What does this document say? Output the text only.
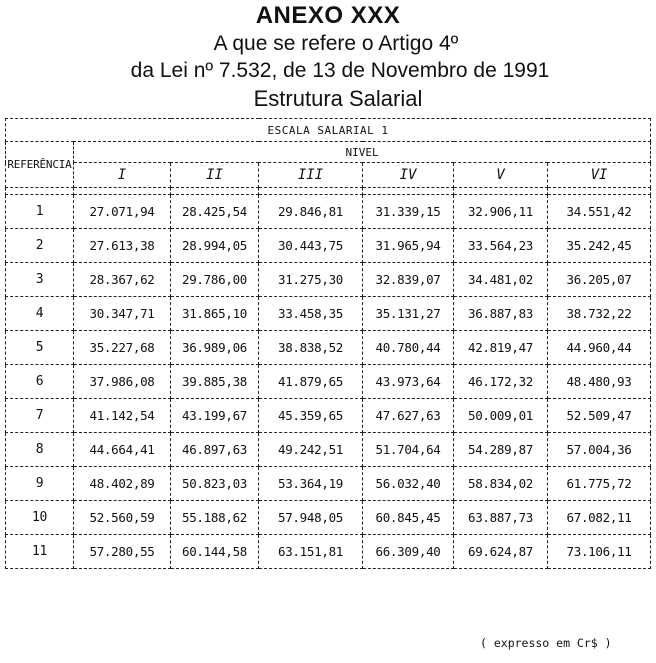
ANEXO XXX
A que se refere o Artigo 4º
da Lei nº 7.532, de 13 de Novembro de 1991
Estrutura Salarial
ESCALA SALARIAL 1						
REFERÊNCIA	NIVEL					
	I	II	III	IV	V	VI

1	27.071,94	28.425,54	29.846,81	31.339,15	32.906,11	34.551,42
2	27.613,38	28.994,05	30.443,75	31.965,94	33.564,23	35.242,45
3	28.367,62	29.786,00	31.275,30	32.839,07	34.481,02	36.205,07
4	30.347,71	31.865,10	33.458,35	35.131,27	36.887,83	38.732,22
5	35.227,68	36.989,06	38.838,52	40.780,44	42.819,47	44.960,44
6	37.986,08	39.885,38	41.879,65	43.973,64	46.172,32	48.480,93
7	41.142,54	43.199,67	45.359,65	47.627,63	50.009,01	52.509,47
8	44.664,41	46.897,63	49.242,51	51.704,64	54.289,87	57.004,36
9	48.402,89	50.823,03	53.364,19	56.032,40	58.834,02	61.775,72
10	52.560,59	55.188,62	57.948,05	60.845,45	63.887,73	67.082,11
11	57.280,55	60.144,58	63.151,81	66.309,40	69.624,87	73.106,11
( expresso em Cr$ )
